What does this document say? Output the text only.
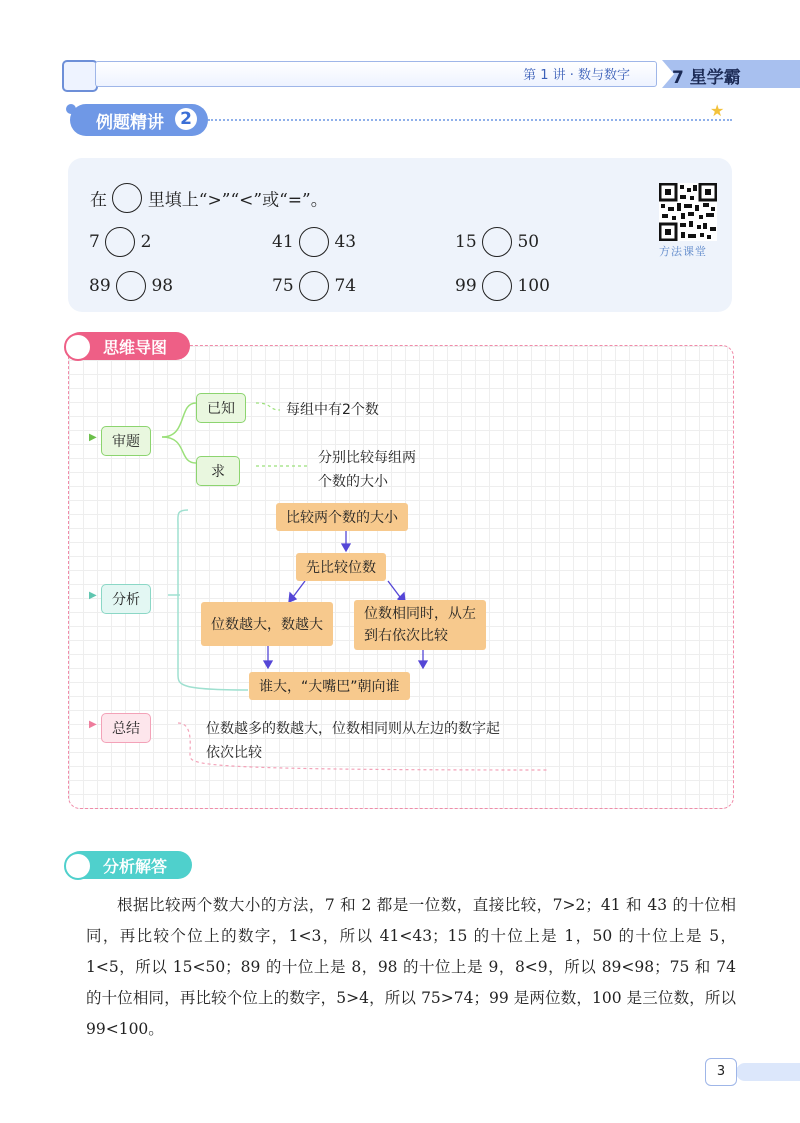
第 1 讲 · 数与数字 7 星学霸
例题精讲 2	★
在 里填上“>”“<”或“=”。
7 2	41 43	15 50
89 98	75 74	99 100
方法课堂
思维导图
审题
▶
已知	每组中有2个数
求
分别比较每组两
个数的大小
分析
▶
比较两个数的大小
先比较位数
位数越大，数越大
位数相同时，从左
到右依次比较
谁大，“大嘴巴”朝向谁
总结
▶	位数越多的数越大，位数相同则从左边的数字起
依次比较
分析解答
根据比较两个数大小的方法，7 和 2 都是一位数，直接比较，7>2；41 和 43 的十位相同，再比较个位上的数字，1<3，所以 41<43；15 的十位上是 1，50 的十位上是 5，1<5，所以 15<50；89 的十位上是 8，98 的十位上是 9，8<9，所以 89<98；75 和 74 的十位相同，再比较个位上的数字，5>4，所以 75>74；99 是两位数，100 是三位数，所以 99<100。
3
